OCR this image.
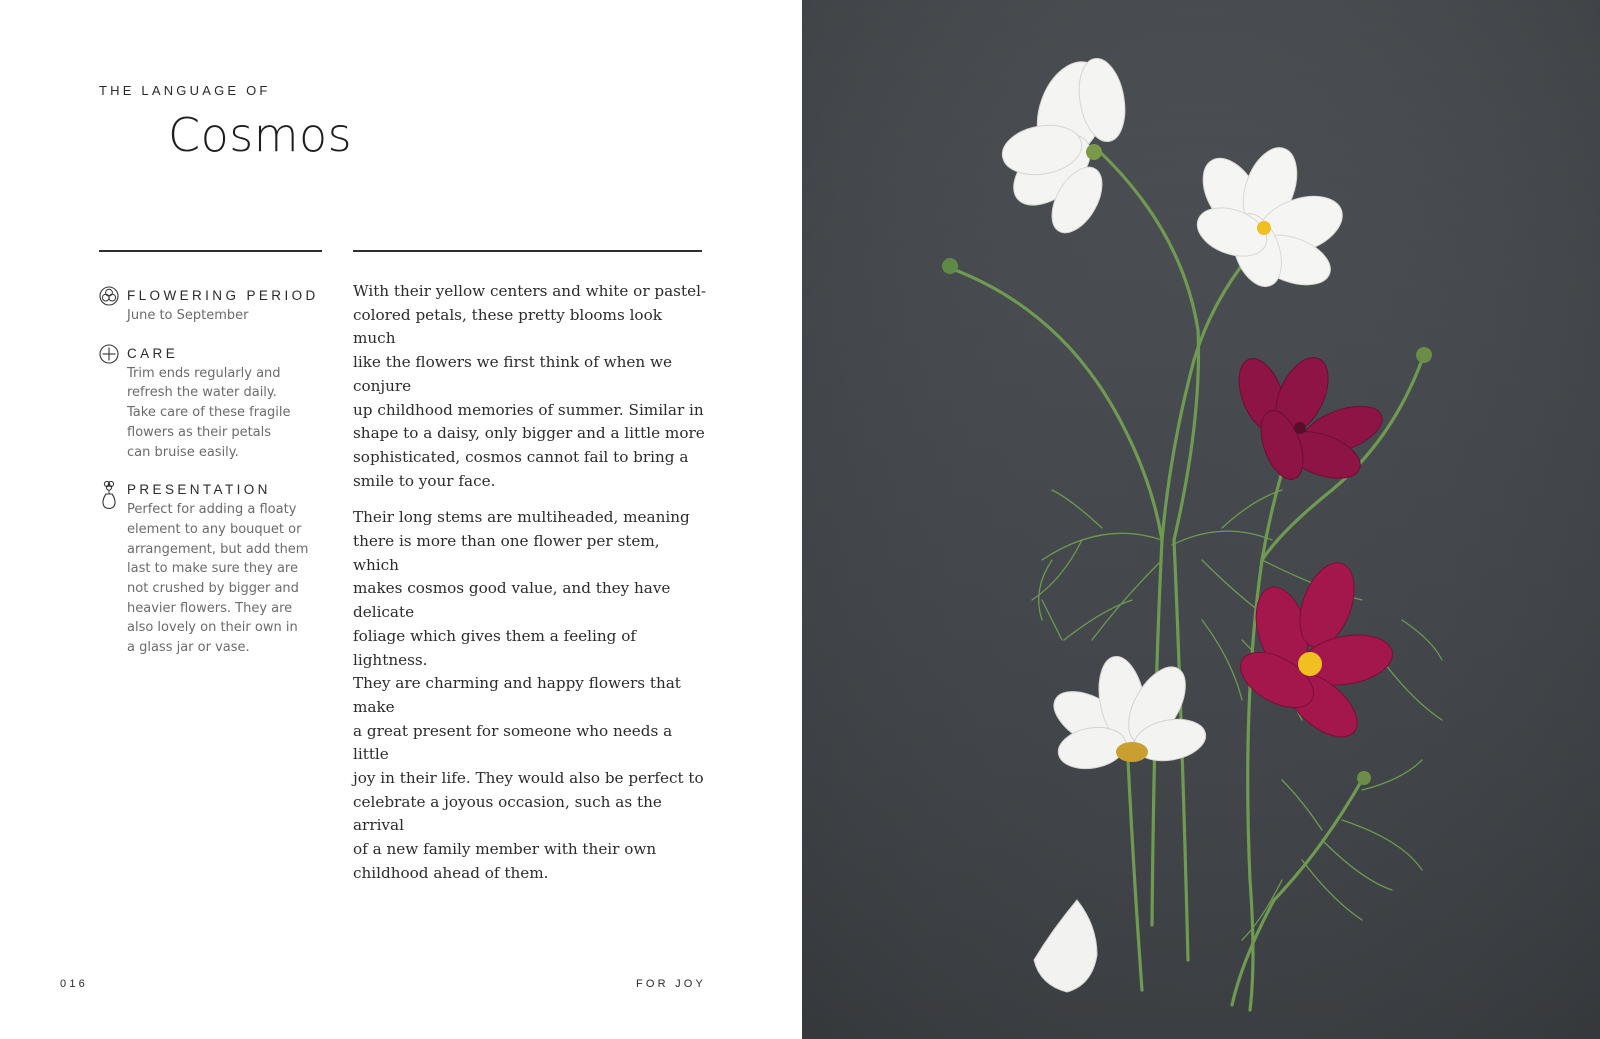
THE LANGUAGE OF
Cosmos
FLOWERING PERIOD
June to September
CARE
Trim ends regularly and
refresh the water daily.
Take care of these fragile
flowers as their petals
can bruise easily.
PRESENTATION
Perfect for adding a floaty
element to any bouquet or
arrangement, but add them
last to make sure they are
not crushed by bigger and
heavier flowers. They are
also lovely on their own in
a glass jar or vase.

With their yellow centers and white or pastel-
colored petals, these pretty blooms look much
like the flowers we first think of when we conjure
up childhood memories of summer. Similar in
shape to a daisy, only bigger and a little more
sophisticated, cosmos cannot fail to bring a
smile to your face.

Their long stems are multiheaded, meaning
there is more than one flower per stem, which
makes cosmos good value, and they have delicate
foliage which gives them a feeling of lightness.
They are charming and happy flowers that make
a great present for someone who needs a little
joy in their life. They would also be perfect to
celebrate a joyous occasion, such as the arrival
of a new family member with their own
childhood ahead of them.

016	FOR JOY
